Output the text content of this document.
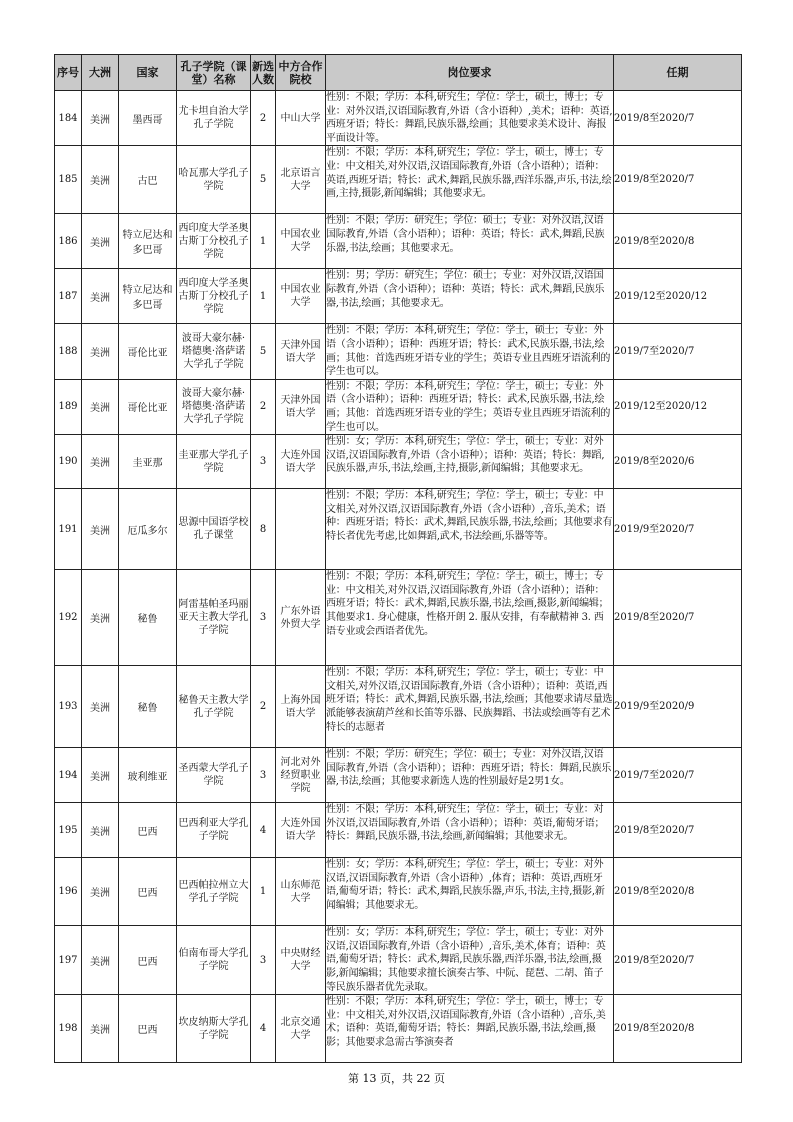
序号	大洲	国家	孔子学院（课堂）名称	新选人数	中方合作院校	岗位要求	任期
184	美洲	墨西哥	尤卡坦自治大学孔子学院	2	中山大学	性别：不限；学历：本科,研究生；学位：学士，硕士，博士；专业：对外汉语,汉语国际教育,外语（含小语种）,美术；语种：英语,西班牙语；特长：舞蹈,民族乐器,绘画；其他要求美术设计、海报平面设计等。	2019/8至2020/7
185	美洲	古巴	哈瓦那大学孔子学院	5	北京语言大学	性别：不限；学历：本科,研究生；学位：学士，硕士，博士；专业：中文相关,对外汉语,汉语国际教育,外语（含小语种）；语种：英语,西班牙语；特长：武术,舞蹈,民族乐器,西洋乐器,声乐,书法,绘画,主持,摄影,新闻编辑；其他要求无。	2019/8至2020/7
186	美洲	特立尼达和多巴哥	西印度大学圣奥古斯丁分校孔子学院	1	中国农业大学	性别：不限；学历：研究生；学位：硕士；专业：对外汉语,汉语国际教育,外语（含小语种）；语种：英语；特长：武术,舞蹈,民族乐器,书法,绘画；其他要求无。	2019/8至2020/8
187	美洲	特立尼达和多巴哥	西印度大学圣奥古斯丁分校孔子学院	1	中国农业大学	性别：男；学历：研究生；学位：硕士；专业：对外汉语,汉语国际教育,外语（含小语种）；语种：英语；特长：武术,舞蹈,民族乐器,书法,绘画；其他要求无。	2019/12至2020/12
188	美洲	哥伦比亚	波哥大豪尔赫·塔德奥·洛萨诺大学孔子学院	5	天津外国语大学	性别：不限；学历：本科,研究生；学位：学士，硕士；专业：外语（含小语种）；语种：西班牙语；特长：武术,民族乐器,书法,绘画；其他：首选西班牙语专业的学生；英语专业且西班牙语流利的学生也可以。	2019/7至2020/7
189	美洲	哥伦比亚	波哥大豪尔赫·塔德奥·洛萨诺大学孔子学院	2	天津外国语大学	性别：不限；学历：本科,研究生；学位：学士，硕士；专业：外语（含小语种）；语种：西班牙语；特长：武术,民族乐器,书法,绘画；其他：首选西班牙语专业的学生；英语专业且西班牙语流利的学生也可以。	2019/12至2020/12
190	美洲	圭亚那	圭亚那大学孔子学院	3	大连外国语大学	性别：女；学历：本科,研究生；学位：学士，硕士；专业：对外汉语,汉语国际教育,外语（含小语种）；语种：英语；特长：舞蹈,民族乐器,声乐,书法,绘画,主持,摄影,新闻编辑；其他要求无。	2019/8至2020/6
191	美洲	厄瓜多尔	思源中国语学校孔子课堂	8		性别：不限；学历：本科,研究生；学位：学士，硕士；专业：中文相关,对外汉语,汉语国际教育,外语（含小语种）,音乐,美术；语种：西班牙语；特长：武术,舞蹈,民族乐器,书法,绘画；其他要求有特长者优先考虑,比如舞蹈,武术,书法绘画,乐器等等。	2019/9至2020/7
192	美洲	秘鲁	阿雷基帕圣玛丽亚天主教大学孔子学院	3	广东外语外贸大学	性别：不限；学历：本科,研究生；学位：学士，硕士，博士；专业：中文相关,对外汉语,汉语国际教育,外语（含小语种）；语种：西班牙语；特长：武术,舞蹈,民族乐器,书法,绘画,摄影,新闻编辑；其他要求1. 身心健康，性格开朗 2. 服从安排，有奉献精神 3. 西语专业或会西语者优先。	2019/8至2020/7
193	美洲	秘鲁	秘鲁天主教大学孔子学院	2	上海外国语大学	性别：不限；学历：本科,研究生；学位：学士，硕士；专业：中文相关,对外汉语,汉语国际教育,外语（含小语种）；语种：英语,西班牙语；特长：武术,舞蹈,民族乐器,书法,绘画；其他要求请尽量选派能够表演葫芦丝和长笛等乐器、民族舞蹈、书法或绘画等有艺术特长的志愿者	2019/9至2020/9
194	美洲	玻利维亚	圣西蒙大学孔子学院	3	河北对外经贸职业学院	性别：不限；学历：研究生；学位：硕士；专业：对外汉语,汉语国际教育,外语（含小语种）；语种：西班牙语；特长：舞蹈,民族乐器,书法,绘画；其他要求新选人选的性别最好是2男1女。	2019/7至2020/7
195	美洲	巴西	巴西利亚大学孔子学院	4	大连外国语大学	性别：不限；学历：本科,研究生；学位：学士，硕士；专业：对外汉语,汉语国际教育,外语（含小语种）；语种：英语,葡萄牙语；特长：舞蹈,民族乐器,书法,绘画,新闻编辑；其他要求无。	2019/8至2020/7
196	美洲	巴西	巴西帕拉州立大学孔子学院	1	山东师范大学	性别：女；学历：本科,研究生；学位：学士，硕士；专业：对外汉语,汉语国际教育,外语（含小语种）,体育；语种：英语,西班牙语,葡萄牙语；特长：武术,舞蹈,民族乐器,声乐,书法,主持,摄影,新闻编辑；其他要求无。	2019/8至2020/8
197	美洲	巴西	伯南布哥大学孔子学院	3	中央财经大学	性别：女；学历：本科,研究生；学位：学士，硕士；专业：对外汉语,汉语国际教育,外语（含小语种）,音乐,美术,体育；语种：英语,葡萄牙语；特长：武术,舞蹈,民族乐器,西洋乐器,书法,绘画,摄影,新闻编辑；其他要求擅长演奏古筝、中阮、琵琶、二胡、笛子等民族乐器者优先录取。	2019/8至2020/7
198	美洲	巴西	坎皮纳斯大学孔子学院	4	北京交通大学	性别：不限；学历：本科,研究生；学位：学士，硕士，博士；专业：中文相关,对外汉语,汉语国际教育,外语（含小语种）,音乐,美术；语种：英语,葡萄牙语；特长：舞蹈,民族乐器,书法,绘画,摄影；其他要求急需古筝演奏者	2019/8至2020/8
第 13 页，共 22 页
